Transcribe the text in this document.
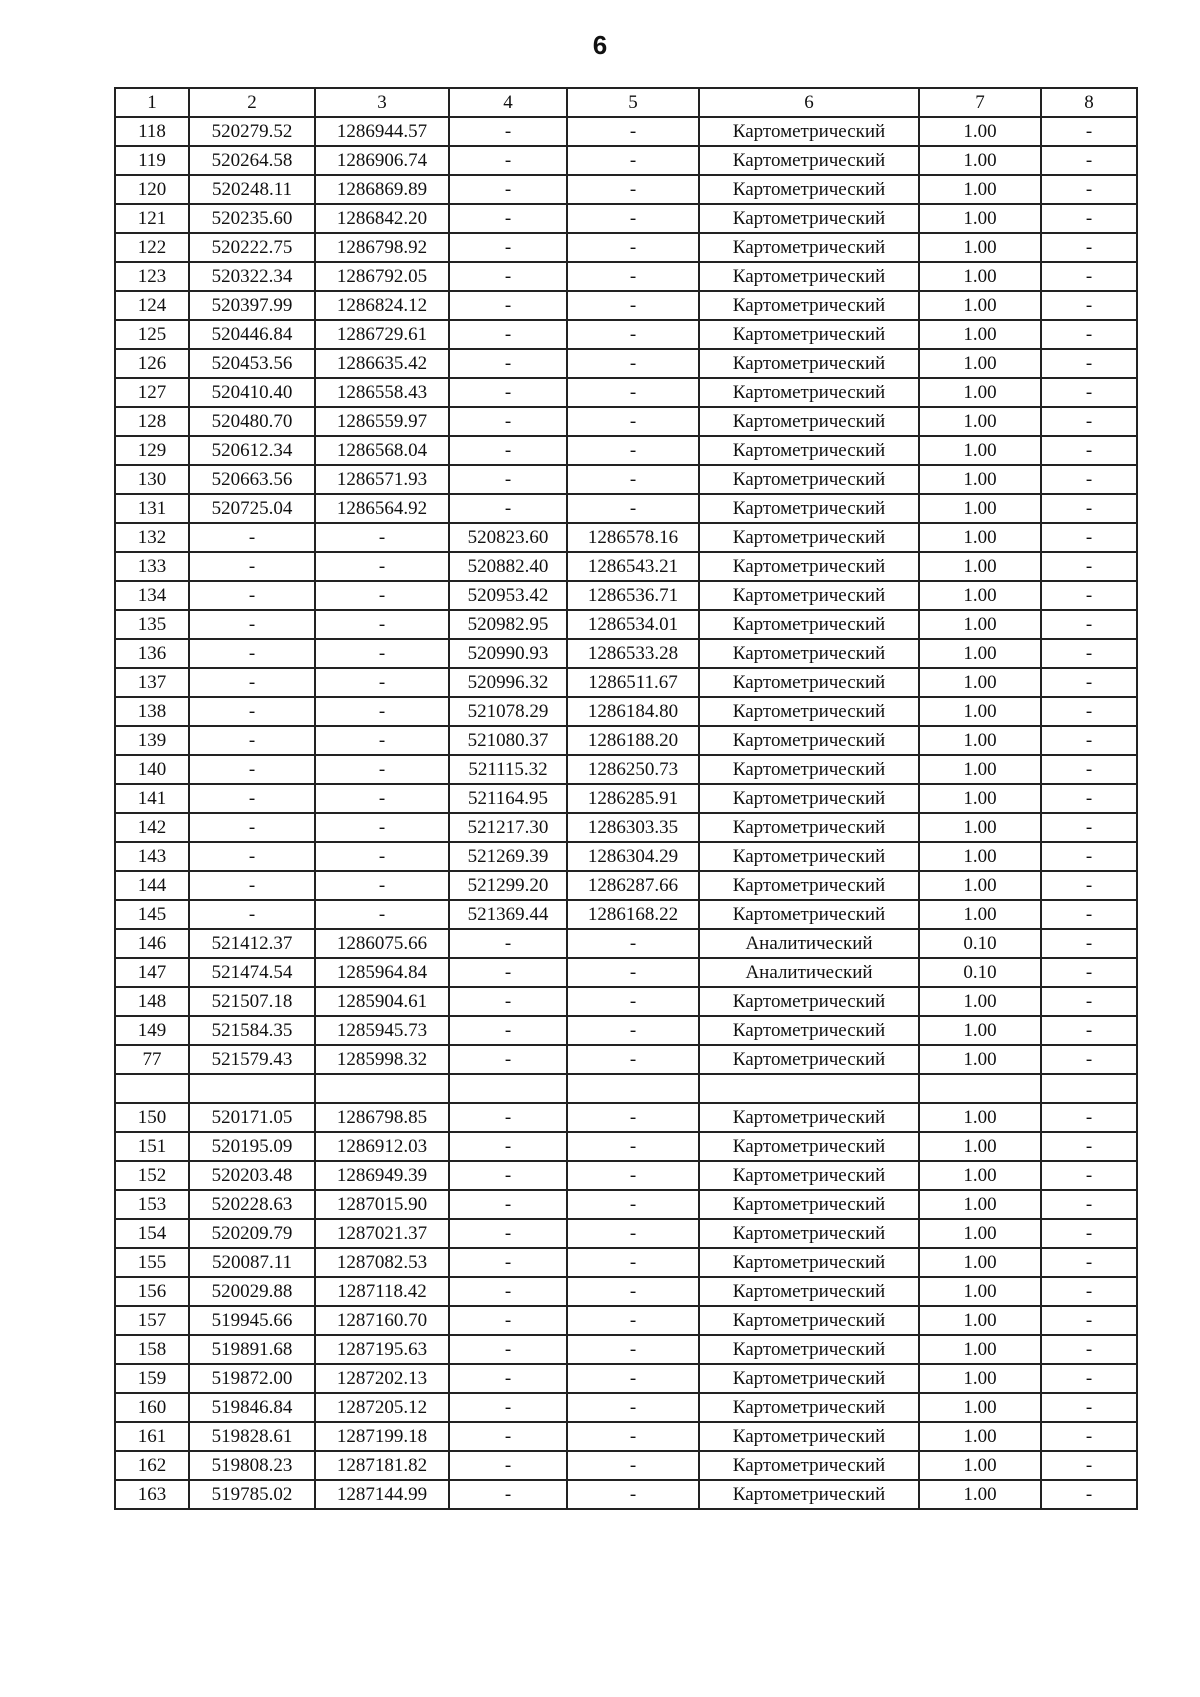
6
1	2	3	4	5	6	7	8
118	520279.52	1286944.57	-	-	Картометрический	1.00	-
119	520264.58	1286906.74	-	-	Картометрический	1.00	-
120	520248.11	1286869.89	-	-	Картометрический	1.00	-
121	520235.60	1286842.20	-	-	Картометрический	1.00	-
122	520222.75	1286798.92	-	-	Картометрический	1.00	-
123	520322.34	1286792.05	-	-	Картометрический	1.00	-
124	520397.99	1286824.12	-	-	Картометрический	1.00	-
125	520446.84	1286729.61	-	-	Картометрический	1.00	-
126	520453.56	1286635.42	-	-	Картометрический	1.00	-
127	520410.40	1286558.43	-	-	Картометрический	1.00	-
128	520480.70	1286559.97	-	-	Картометрический	1.00	-
129	520612.34	1286568.04	-	-	Картометрический	1.00	-
130	520663.56	1286571.93	-	-	Картометрический	1.00	-
131	520725.04	1286564.92	-	-	Картометрический	1.00	-
132	-	-	520823.60	1286578.16	Картометрический	1.00	-
133	-	-	520882.40	1286543.21	Картометрический	1.00	-
134	-	-	520953.42	1286536.71	Картометрический	1.00	-
135	-	-	520982.95	1286534.01	Картометрический	1.00	-
136	-	-	520990.93	1286533.28	Картометрический	1.00	-
137	-	-	520996.32	1286511.67	Картометрический	1.00	-
138	-	-	521078.29	1286184.80	Картометрический	1.00	-
139	-	-	521080.37	1286188.20	Картометрический	1.00	-
140	-	-	521115.32	1286250.73	Картометрический	1.00	-
141	-	-	521164.95	1286285.91	Картометрический	1.00	-
142	-	-	521217.30	1286303.35	Картометрический	1.00	-
143	-	-	521269.39	1286304.29	Картометрический	1.00	-
144	-	-	521299.20	1286287.66	Картометрический	1.00	-
145	-	-	521369.44	1286168.22	Картометрический	1.00	-
146	521412.37	1286075.66	-	-	Аналитический	0.10	-
147	521474.54	1285964.84	-	-	Аналитический	0.10	-
148	521507.18	1285904.61	-	-	Картометрический	1.00	-
149	521584.35	1285945.73	-	-	Картометрический	1.00	-
77	521579.43	1285998.32	-	-	Картометрический	1.00	-

150	520171.05	1286798.85	-	-	Картометрический	1.00	-
151	520195.09	1286912.03	-	-	Картометрический	1.00	-
152	520203.48	1286949.39	-	-	Картометрический	1.00	-
153	520228.63	1287015.90	-	-	Картометрический	1.00	-
154	520209.79	1287021.37	-	-	Картометрический	1.00	-
155	520087.11	1287082.53	-	-	Картометрический	1.00	-
156	520029.88	1287118.42	-	-	Картометрический	1.00	-
157	519945.66	1287160.70	-	-	Картометрический	1.00	-
158	519891.68	1287195.63	-	-	Картометрический	1.00	-
159	519872.00	1287202.13	-	-	Картометрический	1.00	-
160	519846.84	1287205.12	-	-	Картометрический	1.00	-
161	519828.61	1287199.18	-	-	Картометрический	1.00	-
162	519808.23	1287181.82	-	-	Картометрический	1.00	-
163	519785.02	1287144.99	-	-	Картометрический	1.00	-
